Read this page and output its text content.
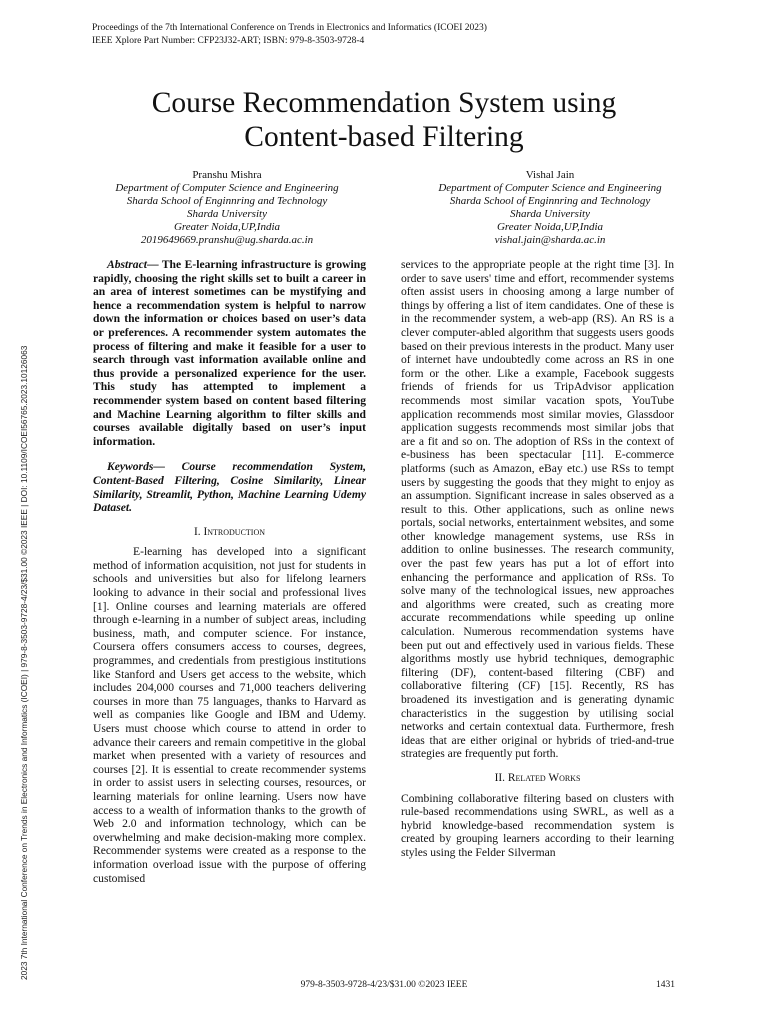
Proceedings of the 7th International Conference on Trends in Electronics and Informatics (ICOEI 2023)
IEEE Xplore Part Number: CFP23J32-ART; ISBN: 979-8-3503-9728-4
2023 7th International Conference on Trends in Electronics and Informatics (ICOEI) | 979-8-3503-9728-4/23/$31.00 ©2023 IEEE | DOI: 10.1109/ICOEI56765.2023.10126063
Course Recommendation System using
Content-based Filtering
Pranshu Mishra
Department of Computer Science and Engineering
Sharda School of Enginnring and Technology
Sharda University
Greater Noida,UP,India
2019649669.pranshu@ug.sharda.ac.in
Vishal Jain
Department of Computer Science and Engineering
Sharda School of Enginnring and Technology
Sharda University
Greater Noida,UP,India
vishal.jain@sharda.ac.in

Abstract— The E-learning infrastructure is growing rapidly, choosing the right skills set to built a career in an area of interest sometimes can be mystifying and hence a recommendation system is helpful to narrow down the information or choices based on user’s data or preferences. A recommender system automates the process of filtering and make it feasible for a user to search through vast information available online and thus provide a personalized experience for the user. This study has attempted to implement a recommender system based on content based filtering and Machine Learning algorithm to filter skills and courses available digitally based on user’s input information.

Keywords— Course recommendation System, Content-Based Filtering, Cosine Similarity, Linear Similarity, Streamlit, Python, Machine Learning Udemy Dataset.

I. Introduction

E-learning has developed into a significant method of information acquisition, not just for students in schools and universities but also for lifelong learners looking to advance in their social and professional lives [1]. Online courses and learning materials are offered through e-learning in a number of subject areas, including business, math, and computer science. For instance, Coursera offers consumers access to courses, degrees, programmes, and credentials from prestigious institutions like Stanford and Users get access to the website, which includes 204,000 courses and 71,000 teachers delivering courses in more than 75 languages, thanks to Harvard as well as companies like Google and IBM and Udemy. Users must choose which course to attend in order to advance their careers and remain competitive in the global market when presented with a variety of resources and courses [2]. It is essential to create recommender systems in order to assist users in selecting courses, resources, or learning materials for online learning. Users now have access to a wealth of information thanks to the growth of Web 2.0 and information technology, which can be overwhelming and make decision-making more complex. Recommender systems were created as a response to the information overload issue with the purpose of offering customised

services to the appropriate people at the right time [3]. In order to save users' time and effort, recommender systems often assist users in choosing among a large number of things by offering a list of item candidates. One of these is in the recommender system, a web-app (RS). An RS is a clever computer-abled algorithm that suggests users goods based on their previous interests in the product. Many user of internet have undoubtedly come across an RS in one form or the other. Like a example, Facebook suggests friends of friends for us TripAdvisor application recommends most similar vacation spots, YouTube application recommends most similar movies, Glassdoor application suggests recommends most similar jobs that are a fit and so on. The adoption of RSs in the context of e-business has been spectacular [11]. E-commerce platforms (such as Amazon, eBay etc.) use RSs to tempt users by suggesting the goods that they might to enjoy as an assumption. Significant increase in sales observed as a result to this. Other applications, such as online news portals, social networks, entertainment websites, and some other knowledge management systems, use RSs in addition to online businesses. The research community, over the past few years has put a lot of effort into enhancing the performance and application of RSs. To solve many of the technological issues, new approaches and algorithms were created, such as creating more accurate recommendations while speeding up online calculation. Numerous recommendation systems have been put out and effectively used in various fields. These algorithms mostly use hybrid techniques, demographic filtering (DF), content-based filtering (CBF) and collaborative filtering (CF) [15]. Recently, RS has broadened its investigation and is generating dynamic characteristics in the suggestion by utilising social networks and certain contextual data. Furthermore, fresh ideas that are either original or hybrids of tried-and-true strategies are frequently put forth.

II. Related Works

Combining collaborative filtering based on clusters with rule-based recommendations using SWRL, as well as a hybrid knowledge-based recommendation system is created by grouping learners according to their learning styles using the Felder Silverman

979-8-3503-9728-4/23/$31.00 ©2023 IEEE	1431
